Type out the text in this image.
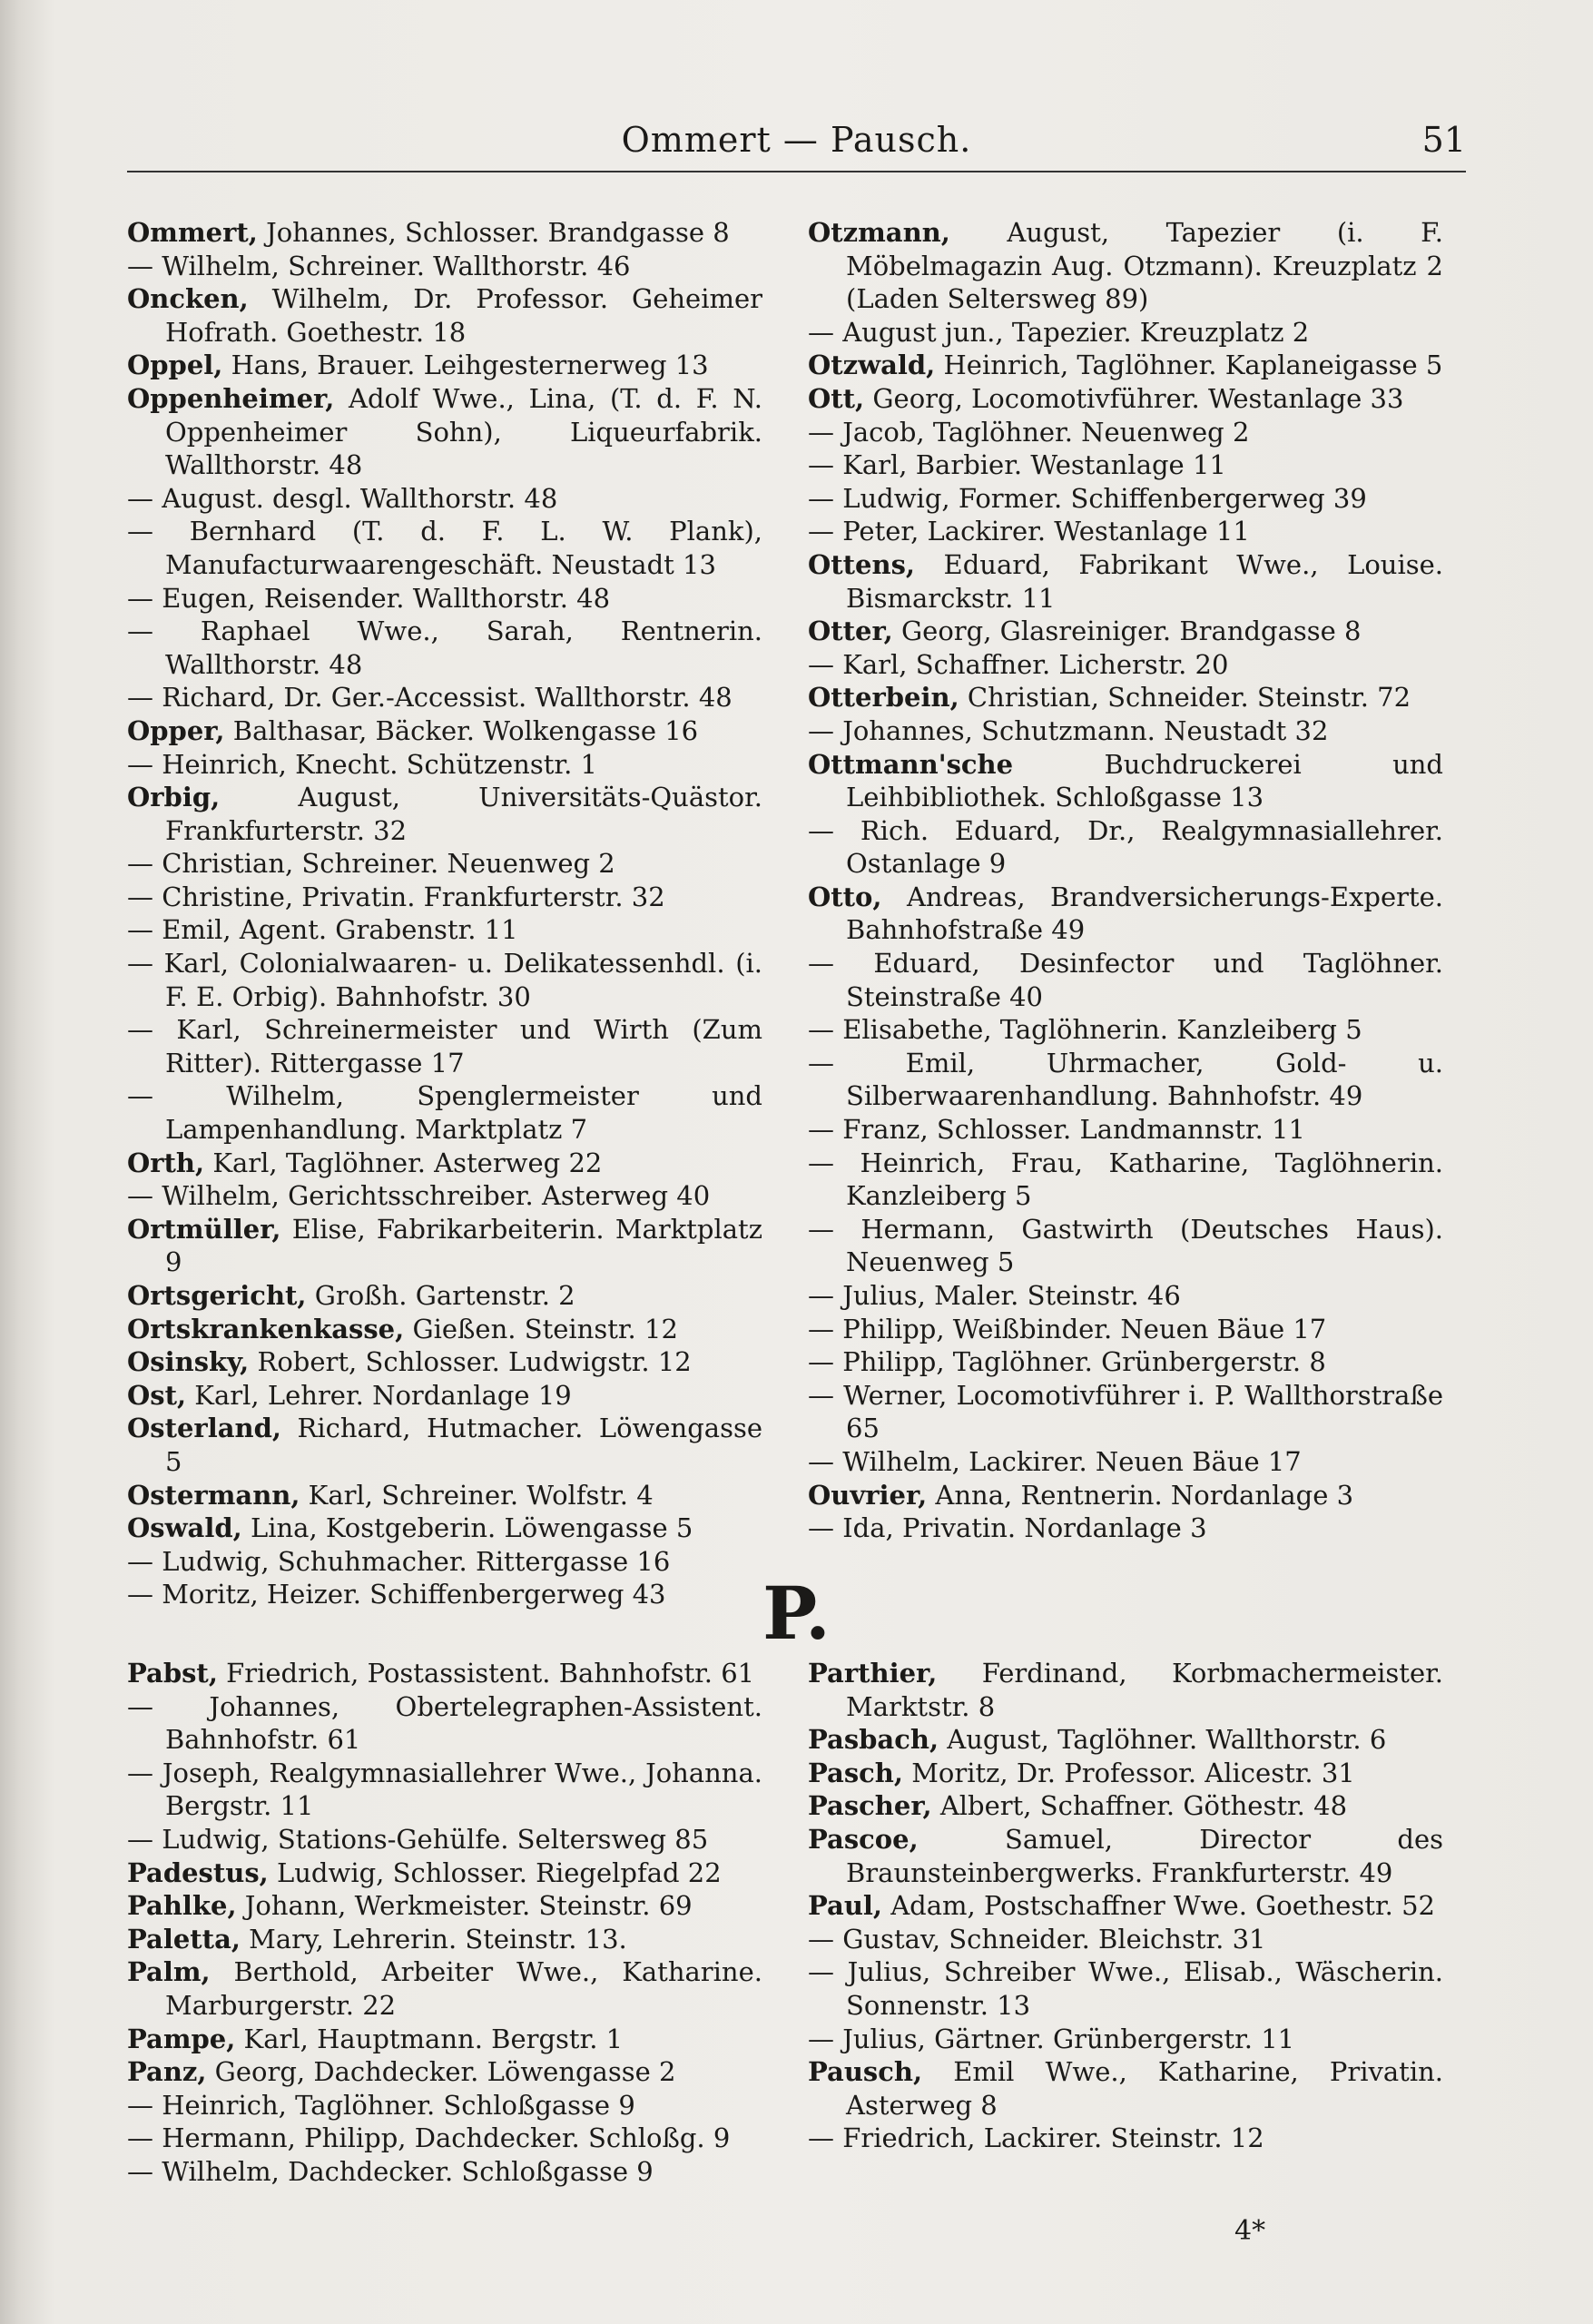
Ommert — Pausch.	51
Ommert, Johannes, Schlosser. Brandgasse 8
— Wilhelm, Schreiner. Wallthorstr. 46
Oncken, Wilhelm, Dr. Professor. Geheimer Hofrath. Goethestr. 18
Oppel, Hans, Brauer. Leihgesternerweg 13
Oppenheimer, Adolf Wwe., Lina, (T. d. F. N. Oppenheimer Sohn), Liqueurfabrik. Wallthorstr. 48
— August. desgl. Wallthorstr. 48
— Bernhard (T. d. F. L. W. Plank), Manufacturwaarengeschäft. Neustadt 13
— Eugen, Reisender. Wallthorstr. 48
— Raphael Wwe., Sarah, Rentnerin. Wallthorstr. 48
— Richard, Dr. Ger.-Accessist. Wallthorstr. 48
Opper, Balthasar, Bäcker. Wolkengasse 16
— Heinrich, Knecht. Schützenstr. 1
Orbig, August, Universitäts-Quästor. Frankfurterstr. 32
— Christian, Schreiner. Neuenweg 2
— Christine, Privatin. Frankfurterstr. 32
— Emil, Agent. Grabenstr. 11
— Karl, Colonialwaaren- u. Delikatessenhdl. (i. F. E. Orbig). Bahnhofstr. 30
— Karl, Schreinermeister und Wirth (Zum Ritter). Rittergasse 17
— Wilhelm, Spenglermeister und Lampenhandlung. Marktplatz 7
Orth, Karl, Taglöhner. Asterweg 22
— Wilhelm, Gerichtsschreiber. Asterweg 40
Ortmüller, Elise, Fabrikarbeiterin. Marktplatz 9
Ortsgericht, Großh. Gartenstr. 2
Ortskrankenkasse, Gießen. Steinstr. 12
Osinsky, Robert, Schlosser. Ludwigstr. 12
Ost, Karl, Lehrer. Nordanlage 19
Osterland, Richard, Hutmacher. Löwengasse 5
Ostermann, Karl, Schreiner. Wolfstr. 4
Oswald, Lina, Kostgeberin. Löwengasse 5
— Ludwig, Schuhmacher. Rittergasse 16
— Moritz, Heizer. Schiffenbergerweg 43
Otzmann, August, Tapezier (i. F. Möbelmagazin Aug. Otzmann). Kreuzplatz 2 (Laden Seltersweg 89)
— August jun., Tapezier. Kreuzplatz 2
Otzwald, Heinrich, Taglöhner. Kaplaneigasse 5
Ott, Georg, Locomotivführer. Westanlage 33
— Jacob, Taglöhner. Neuenweg 2
— Karl, Barbier. Westanlage 11
— Ludwig, Former. Schiffenbergerweg 39
— Peter, Lackirer. Westanlage 11
Ottens, Eduard, Fabrikant Wwe., Louise. Bismarckstr. 11
Otter, Georg, Glasreiniger. Brandgasse 8
— Karl, Schaffner. Licherstr. 20
Otterbein, Christian, Schneider. Steinstr. 72
— Johannes, Schutzmann. Neustadt 32
Ottmann'sche Buchdruckerei und Leihbibliothek. Schloßgasse 13
— Rich. Eduard, Dr., Realgymnasiallehrer. Ostanlage 9
Otto, Andreas, Brandversicherungs-Experte. Bahnhofstraße 49
— Eduard, Desinfector und Taglöhner. Steinstraße 40
— Elisabethe, Taglöhnerin. Kanzleiberg 5
— Emil, Uhrmacher, Gold- u. Silberwaarenhandlung. Bahnhofstr. 49
— Franz, Schlosser. Landmannstr. 11
— Heinrich, Frau, Katharine, Taglöhnerin. Kanzleiberg 5
— Hermann, Gastwirth (Deutsches Haus). Neuenweg 5
— Julius, Maler. Steinstr. 46
— Philipp, Weißbinder. Neuen Bäue 17
— Philipp, Taglöhner. Grünbergerstr. 8
— Werner, Locomotivführer i. P. Wallthorstraße 65
— Wilhelm, Lackirer. Neuen Bäue 17
Ouvrier, Anna, Rentnerin. Nordanlage 3
— Ida, Privatin. Nordanlage 3
P.
Pabst, Friedrich, Postassistent. Bahnhofstr. 61
— Johannes, Obertelegraphen-Assistent. Bahnhofstr. 61
— Joseph, Realgymnasiallehrer Wwe., Johanna. Bergstr. 11
— Ludwig, Stations-Gehülfe. Seltersweg 85
Padestus, Ludwig, Schlosser. Riegelpfad 22
Pahlke, Johann, Werkmeister. Steinstr. 69
Paletta, Mary, Lehrerin. Steinstr. 13.
Palm, Berthold, Arbeiter Wwe., Katharine. Marburgerstr. 22
Pampe, Karl, Hauptmann. Bergstr. 1
Panz, Georg, Dachdecker. Löwengasse 2
— Heinrich, Taglöhner. Schloßgasse 9
— Hermann, Philipp, Dachdecker. Schloßg. 9
— Wilhelm, Dachdecker. Schloßgasse 9
Parthier, Ferdinand, Korbmachermeister. Marktstr. 8
Pasbach, August, Taglöhner. Wallthorstr. 6
Pasch, Moritz, Dr. Professor. Alicestr. 31
Pascher, Albert, Schaffner. Göthestr. 48
Pascoe, Samuel, Director des Braunsteinbergwerks. Frankfurterstr. 49
Paul, Adam, Postschaffner Wwe. Goethestr. 52
— Gustav, Schneider. Bleichstr. 31
— Julius, Schreiber Wwe., Elisab., Wäscherin. Sonnenstr. 13
— Julius, Gärtner. Grünbergerstr. 11
Pausch, Emil Wwe., Katharine, Privatin. Asterweg 8
— Friedrich, Lackirer. Steinstr. 12
4*
